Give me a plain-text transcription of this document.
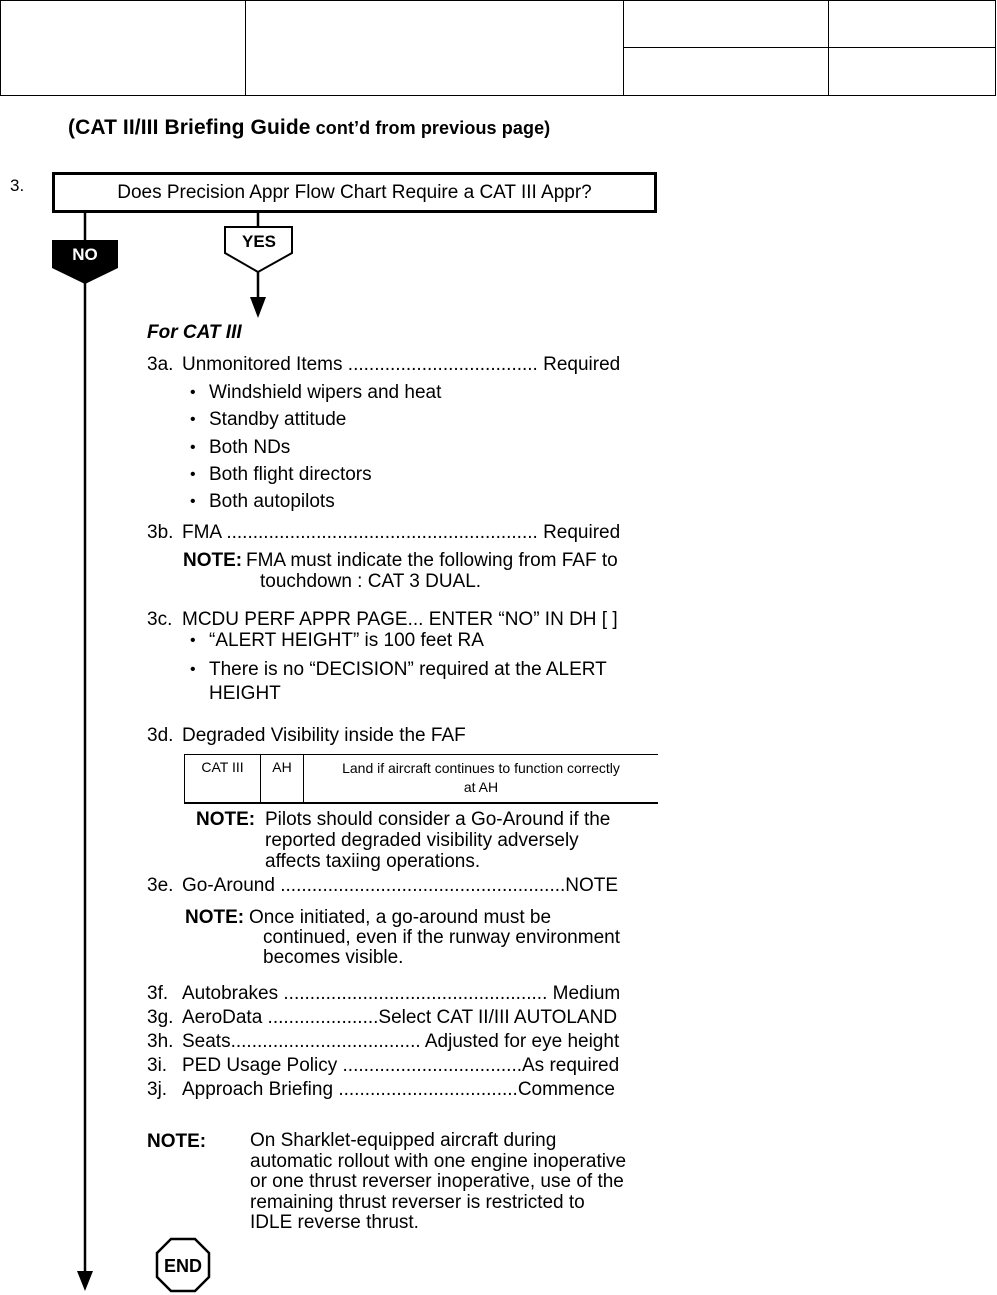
(CAT II/III Briefing Guide cont’d from previous page)
3.	Does Precision Appr Flow Chart Require a CAT III Appr?
NO
YES
For CAT III
3a. Unmonitored Items .................................... Required
• Windshield wipers and heat
• Standby attitude
• Both NDs
• Both flight directors
• Both autopilots
3b. FMA ........................................................... Required
NOTE: FMA must indicate the following from FAF to
touchdown : CAT 3 DUAL.
3c. MCDU PERF APPR PAGE... ENTER “NO” IN DH [ ]
• “ALERT HEIGHT” is 100 feet RA
• There is no “DECISION” required at the ALERT
HEIGHT
3d. Degraded Visibility inside the FAF
CAT III	AH	Land if aircraft continues to function correctly
at AH
NOTE: Pilots should consider a Go-Around if the
reported degraded visibility adversely
affects taxiing operations.
3e. Go-Around ......................................................NOTE
NOTE: Once initiated, a go-around must be
continued, even if the runway environment
becomes visible.
3f. Autobrakes .................................................. Medium
3g. AeroData .....................Select CAT II/III AUTOLAND
3h. Seats.................................... Adjusted for eye height
3i. PED Usage Policy ..................................As required
3j. Approach Briefing ..................................Commence
NOTE: On Sharklet-equipped aircraft during
automatic rollout with one engine inoperative
or one thrust reverser inoperative, use of the
remaining thrust reverser is restricted to
IDLE reverse thrust.
END
